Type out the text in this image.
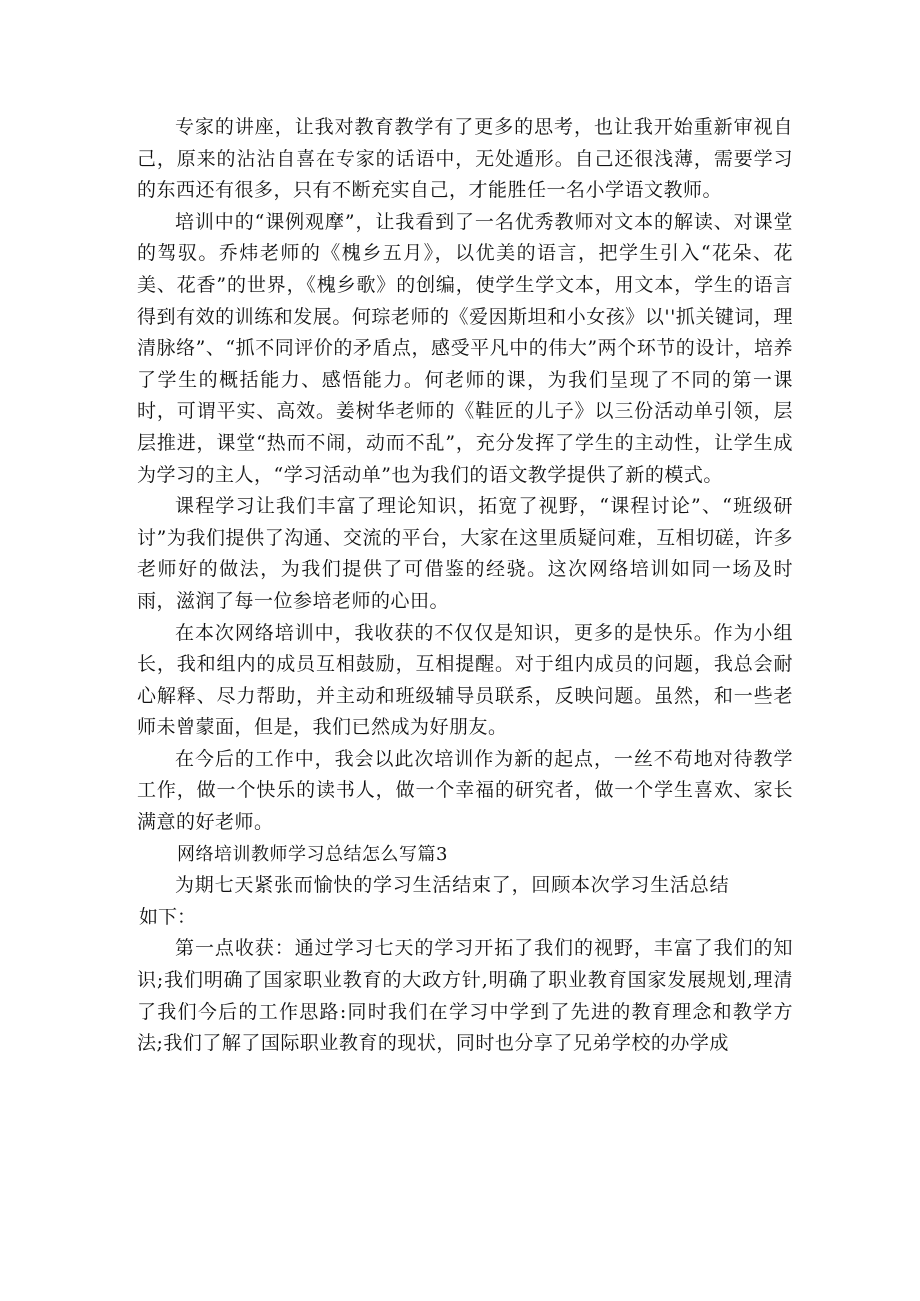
专家的讲座，让我对教育教学有了更多的思考，也让我开始重新审视自己，原来的沾沾自喜在专家的话语中，无处遁形。自己还很浅薄，需要学习的东西还有很多，只有不断充实自己，才能胜任一名小学语文教师。

培训中的“课例观摩”，让我看到了一名优秀教师对文本的解读、对课堂的驾驭。乔炜老师的《槐乡五月》，以优美的语言，把学生引入“花朵、花美、花香”的世界，《槐乡歌》的创编，使学生学文本，用文本，学生的语言得到有效的训练和发展。何琮老师的《爱因斯坦和小女孩》以''抓关键词，理清脉络”、“抓不同评价的矛盾点，感受平凡中的伟大”两个环节的设计，培养了学生的概括能力、感悟能力。何老师的课，为我们呈现了不同的第一课时，可谓平实、高效。姜树华老师的《鞋匠的儿子》以三份活动单引领，层层推进，课堂“热而不闹，动而不乱”，充分发挥了学生的主动性，让学生成为学习的主人，“学习活动单”也为我们的语文教学提供了新的模式。

课程学习让我们丰富了理论知识，拓宽了视野，“课程讨论”、“班级研讨”为我们提供了沟通、交流的平台，大家在这里质疑问难，互相切磋，许多老师好的做法，为我们提供了可借鉴的经骁。这次网络培训如同一场及时雨，滋润了每一位参培老师的心田。

在本次网络培训中，我收获的不仅仅是知识，更多的是快乐。作为小组长，我和组内的成员互相鼓励，互相提醒。对于组内成员的问题，我总会耐心解释、尽力帮助，并主动和班级辅导员联系，反映问题。虽然，和一些老师未曾蒙面，但是，我们已然成为好朋友。

在今后的工作中，我会以此次培训作为新的起点，一丝不苟地对待教学工作，做一个快乐的读书人，做一个幸福的研究者，做一个学生喜欢、家长满意的好老师。

网络培训教师学习总结怎么写篇3

为期七天紧张而愉快的学习生活结束了，回顾本次学习生活总结

如下：

第一点收获：通过学习七天的学习开拓了我们的视野，丰富了我们的知识;我们明确了国家职业教育的大政方针,明确了职业教育国家发展规划,理清了我们今后的工作思路:同时我们在学习中学到了先进的教育理念和教学方法;我们了解了国际职业教育的现状，同时也分享了兄弟学校的办学成
